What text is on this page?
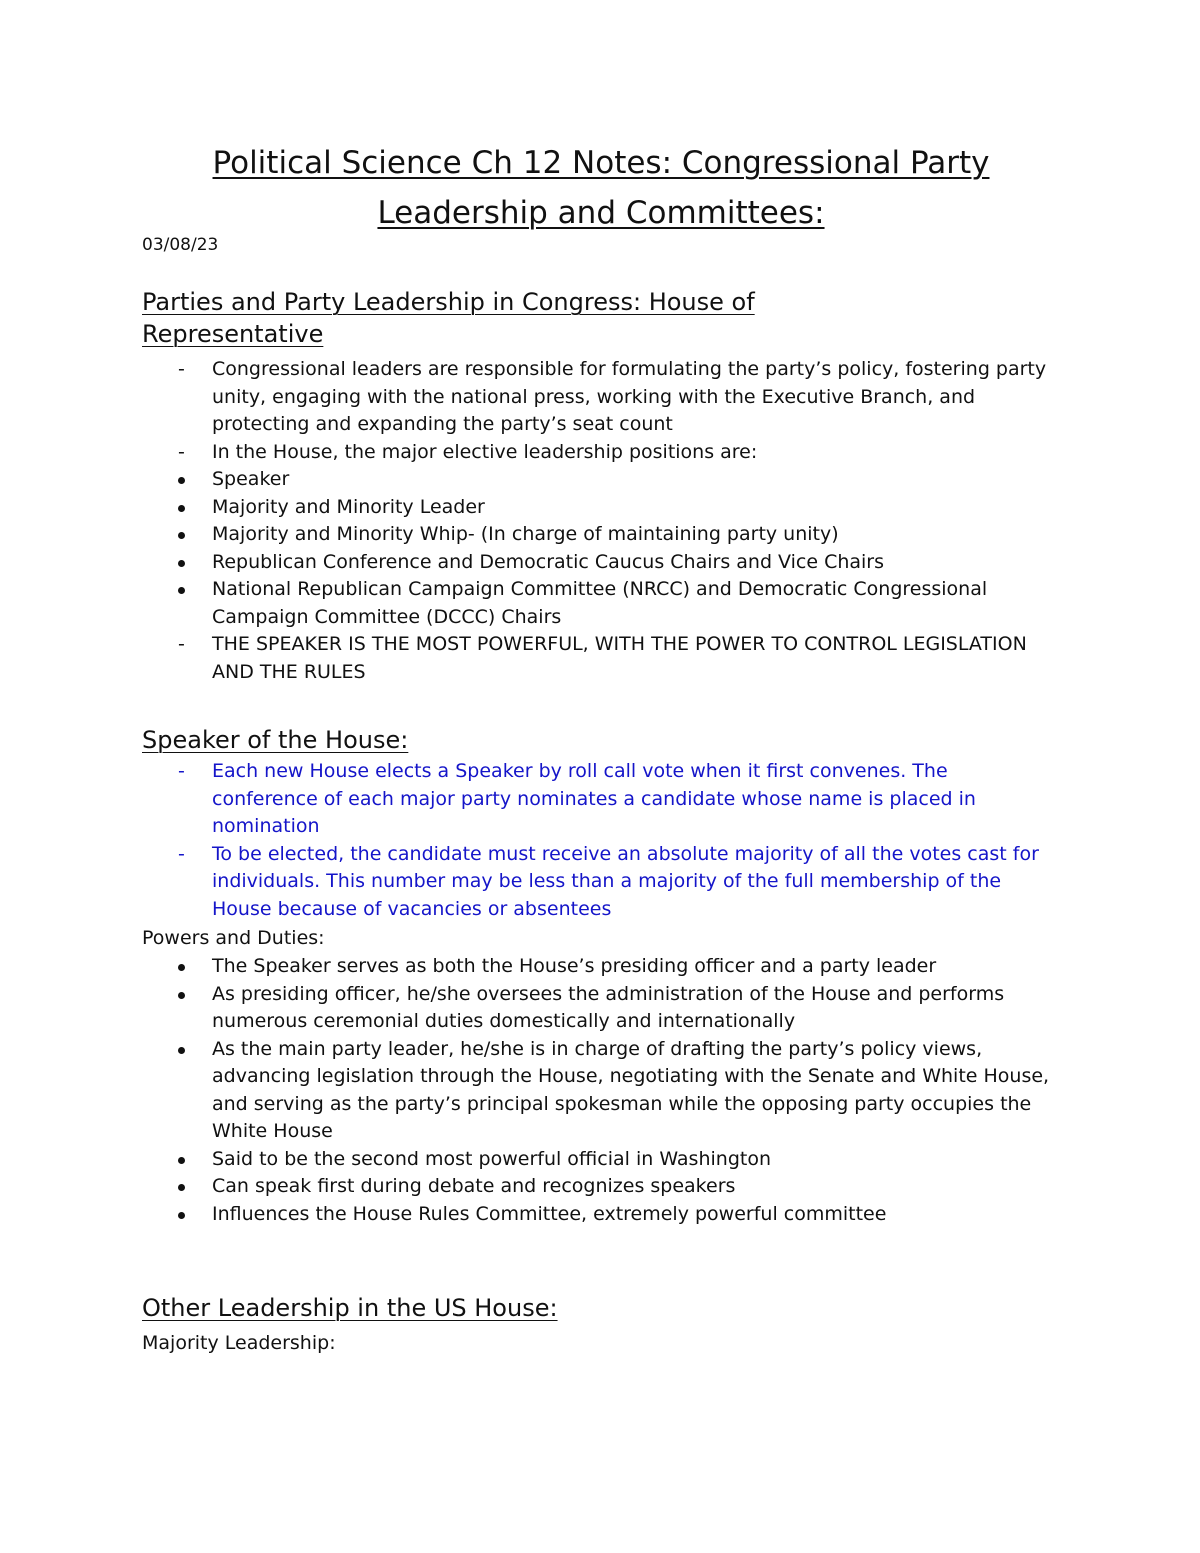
Political Science Ch 12 Notes: Congressional Party Leadership and Committees:
03/08/23
Parties and Party Leadership in Congress: House of Representative
-	Congressional leaders are responsible for formulating the party’s policy, fostering party unity, engaging with the national press, working with the Executive Branch, and protecting and expanding the party’s seat count
-	In the House, the major elective leadership positions are:
Speaker
Majority and Minority Leader
Majority and Minority Whip- (In charge of maintaining party unity)
Republican Conference and Democratic Caucus Chairs and Vice Chairs
National Republican Campaign Committee (NRCC) and Democratic Congressional Campaign Committee (DCCC) Chairs
-	THE SPEAKER IS THE MOST POWERFUL, WITH THE POWER TO CONTROL LEGISLATION AND THE RULES
Speaker of the House:
-	Each new House elects a Speaker by roll call vote when it first convenes. The conference of each major party nominates a candidate whose name is placed in nomination
-	To be elected, the candidate must receive an absolute majority of all the votes cast for individuals. This number may be less than a majority of the full membership of the House because of vacancies or absentees
Powers and Duties:
The Speaker serves as both the House’s presiding officer and a party leader
As presiding officer, he/she oversees the administration of the House and performs numerous ceremonial duties domestically and internationally
As the main party leader, he/she is in charge of drafting the party’s policy views, advancing legislation through the House, negotiating with the Senate and White House, and serving as the party’s principal spokesman while the opposing party occupies the White House
Said to be the second most powerful official in Washington
Can speak first during debate and recognizes speakers
Influences the House Rules Committee, extremely powerful committee
Other Leadership in the US House:
Majority Leadership:
